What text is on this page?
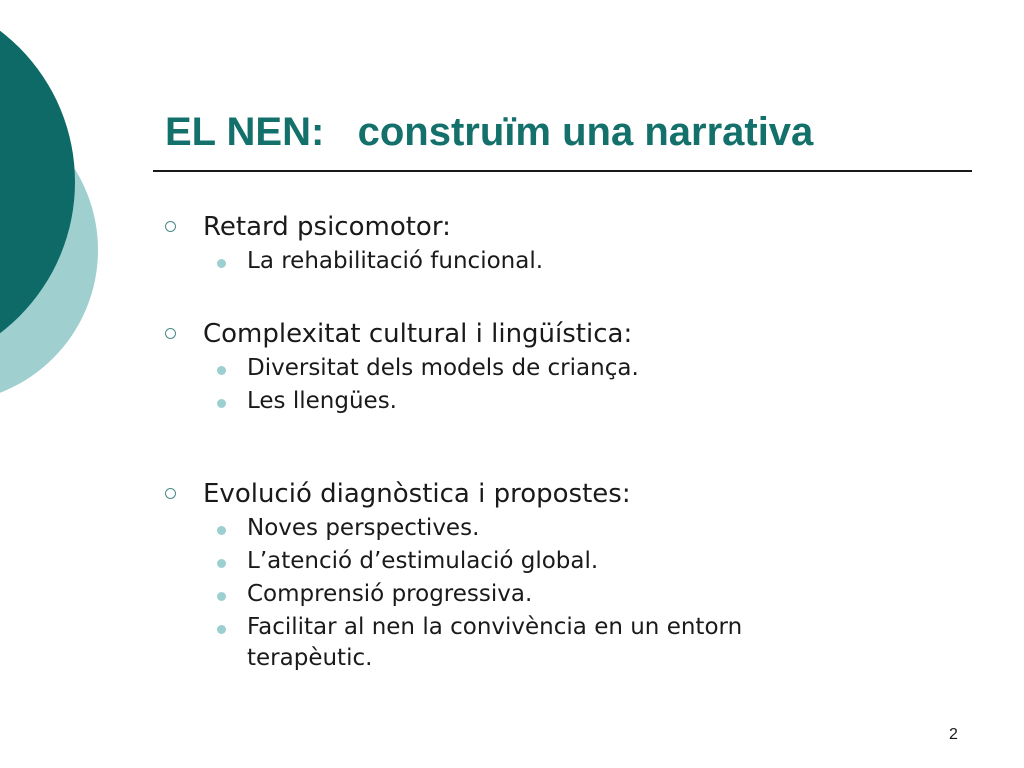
EL NEN:   construïm una narrativa
Retard psicomotor:
La rehabilitació funcional.
Complexitat cultural i lingüística:
Diversitat dels models de criança.
Les llengües.
Evolució diagnòstica i propostes:
Noves perspectives.
L’atenció d’estimulació global.
Comprensió progressiva.
Facilitar al nen la convivència en un entorn terapèutic.
2
